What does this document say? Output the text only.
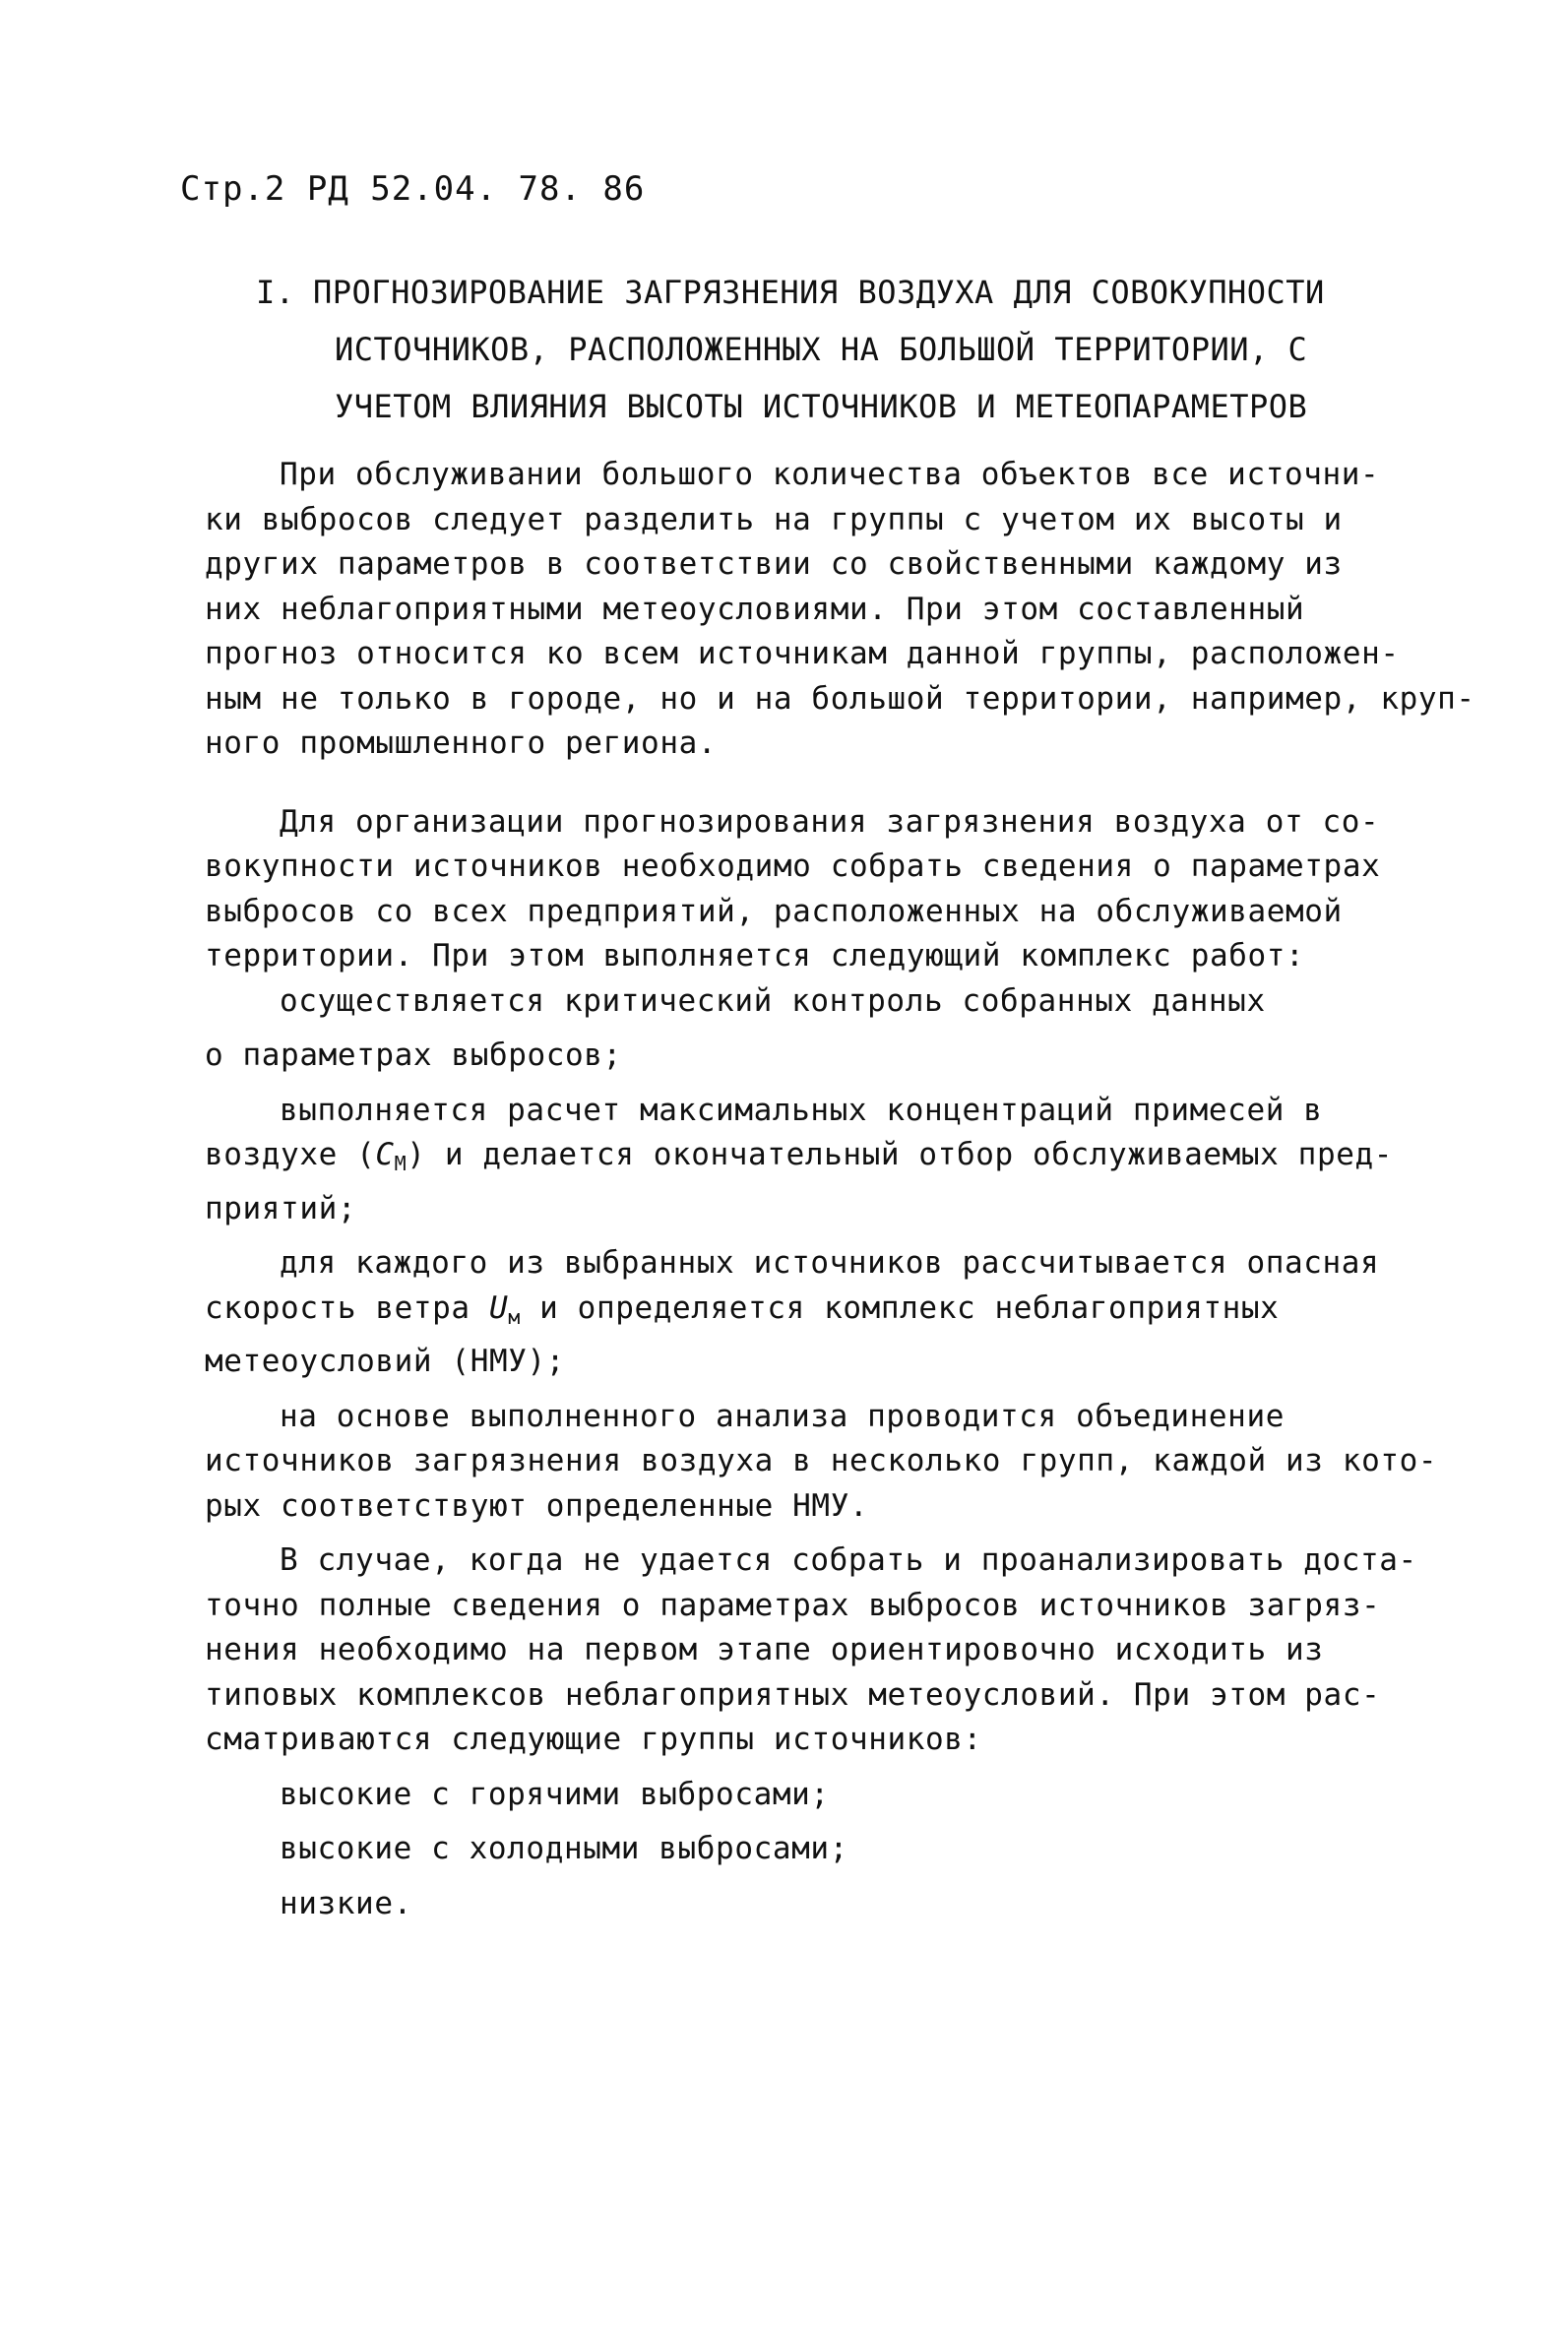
Стр.2 РД 52.04. 78. 86
I. ПРОГНОЗИРОВАНИЕ ЗАГРЯЗНЕНИЯ ВОЗДУХА ДЛЯ СОВОКУПНОСТИ
ИСТОЧНИКОВ, РАСПОЛОЖЕННЫХ НА БОЛЬШОЙ ТЕРРИТОРИИ, С
УЧЕТОМ ВЛИЯНИЯ ВЫСОТЫ ИСТОЧНИКОВ И МЕТЕОПАРАМЕТРОВ
При обслуживании большого количества объектов все источни-
ки выбросов следует разделить на группы с учетом их высоты и
других параметров в соответствии со свойственными каждому из
них неблагоприятными метеоусловиями. При этом составленный
прогноз относится ко всем источникам данной группы, расположен-
ным не только в городе, но и на большой территории, например, круп-
ного промышленного региона.
Для организации прогнозирования загрязнения воздуха от со-
вокупности источников необходимо собрать сведения о параметрах
выбросов со всех предприятий, расположенных на обслуживаемой
территории. При этом выполняется следующий комплекс работ:
осуществляется критический контроль собранных данных
о параметрах выбросов;
выполняется расчет максимальных концентраций примесей в
воздухе $(С_М)$ и делается окончательный отбор обслуживаемых пред-
приятий;
для каждого из выбранных источников рассчитывается опасная
скорость ветра $U_м$ и определяется комплекс неблагоприятных
метеоусловий (НМУ);
на основе выполненного анализа проводится объединение
источников загрязнения воздуха в несколько групп, каждой из кото-
рых соответствуют определенные НМУ.
В случае, когда не удается собрать и проанализировать доста-
точно полные сведения о параметрах выбросов источников загряз-
нения необходимо на первом этапе ориентировочно исходить из
типовых комплексов неблагоприятных метеоусловий. При этом рас-
сматриваются следующие группы источников:
высокие с горячими выбросами;
высокие с холодными выбросами;
низкие.
